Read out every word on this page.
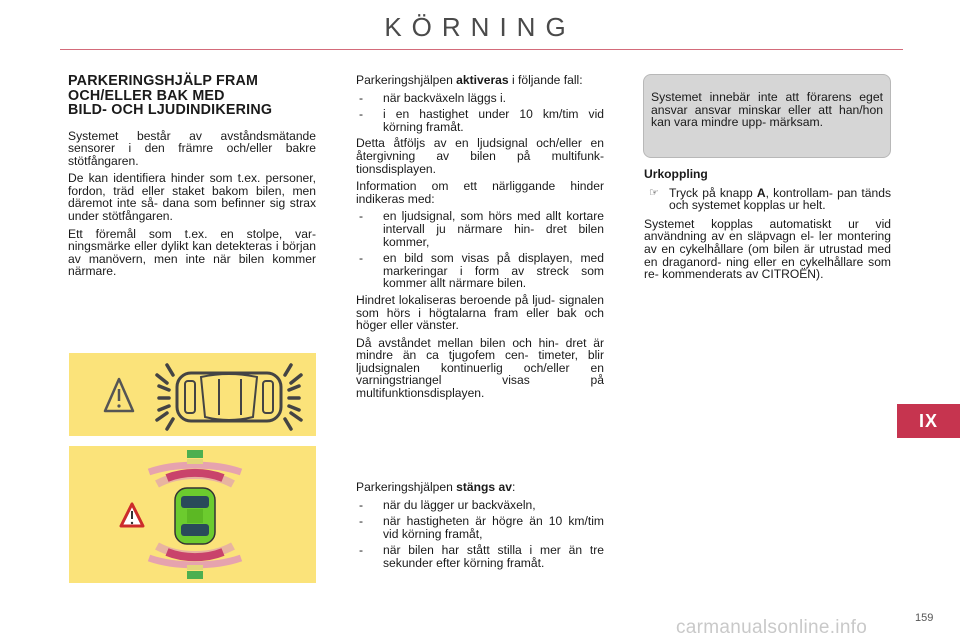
KÖRNING
PARKERINGSHJÄLP FRAM
OCH/ELLER BAK MED
BILD- OCH LJUDINDIKERING

Systemet består av avståndsmätande sensorer i den främre och/eller bakre stötfångaren.

De kan identifiera hinder som t.ex. personer, fordon, träd eller staket bakom bilen, men däremot inte så- dana som befinner sig strax under stötfångaren.

Ett föremål som t.ex. en stolpe, var- ningsmärke eller dylikt kan detekteras i början av manövern, men inte när bilen kommer närmare.

Parkeringshjälpen aktiveras i följande fall:

- när backväxeln läggs i.
- i en hastighet under 10 km/tim vid körning framåt.

Detta åtföljs av en ljudsignal och/eller en återgivning av bilen på multifunk- tionsdisplayen.

Information om ett närliggande hinder indikeras med:

- en ljudsignal, som hörs med allt kortare intervall ju närmare hin- dret bilen kommer,
- en bild som visas på displayen, med markeringar i form av streck som kommer allt närmare bilen.

Hindret lokaliseras beroende på ljud- signalen som hörs i högtalarna fram eller bak och höger eller vänster.

Då avståndet mellan bilen och hin- dret är mindre än ca tjugofem cen- timeter, blir ljudsignalen kontinuerlig och/eller en varningstriangel visas på multifunktionsdisplayen.

Parkeringshjälpen stängs av:

- när du lägger ur backväxeln,
- när hastigheten är högre än 10 km/tim vid körning framåt,
- när bilen har stått stilla i mer än tre sekunder efter körning framåt.
Systemet innebär inte att förarens eget ansvar ansvar minskar eller att han/hon kan vara mindre upp- märksam.
Urkoppling
☞ Tryck på knapp A, kontrollam- pan tänds och systemet kopplas ur helt.

Systemet kopplas automatiskt ur vid användning av en släpvagn el- ler montering av en cykelhållare (om bilen är utrustad med en draganord- ning eller en cykelhållare som re- kommenderats av CITROËN).

IX
159
carmanualsonline.info
